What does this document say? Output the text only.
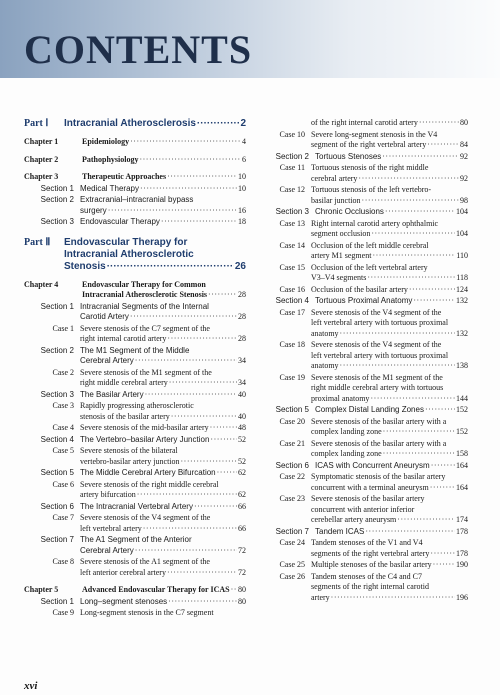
CONTENTS
Part Ⅰ	Intracranial Atherosclerosis ·····	2
Chapter 1	Epidemiology ·····	4
Chapter 2	Pathophysiology ·····	6
Chapter 3	Therapeutic Approaches ·····	10
Section 1 Medical Therapy ·····	10
Section 2 Extracranial–intracranial bypass
surgery ·····	16
Section 3 Endovascular Therapy ·····	18
Part Ⅱ	Endovascular Therapy for
Intracranial Atherosclerotic
Stenosis ·····	26
Chapter 4	Endovascular Therapy for Common
Intracranial Atherosclerotic Stenosis ·····	28
Section 1 Intracranial Segments of the Internal
Carotid Artery ·····	28
Case 1 Severe stenosis of the C7 segment of the
right internal carotid artery ·····	28
Section 2 The M1 Segment of the Middle
Cerebral Artery ·····	34
Case 2 Severe stenosis of the M1 segment of the
right middle cerebral artery ·····	34
Section 3 The Basilar Artery ·····	40
Case 3 Rapidly progressing atherosclerotic
stenosis of the basilar artery ·····	40
Case 4 Severe stenosis of the mid-basilar artery ·····	48
Section 4 The Vertebro–basilar Artery Junction ·····	52
Case 5 Severe stenosis of the bilateral
vertebro-basilar artery junction ·····	52
Section 5 The Middle Cerebral Artery Bifurcation ·····	62
Case 6 Severe stenosis of the right middle cerebral
artery bifurcation ·····	62
Section 6 The Intracranial Vertebral Artery ·····	66
Case 7 Severe stenosis of the V4 segment of the
left vertebral artery ·····	66
Section 7 The A1 Segment of the Anterior
Cerebral Artery ·····	72
Case 8 Severe stenosis of the A1 segment of the
left anterior cerebral artery ·····	72
Chapter 5	Advanced Endovascular Therapy for ICAS ····· 80
Section 1 Long–segment stenoses ·····	80
Case 9 Long-segment stenosis in the C7 segment
of the right internal carotid artery ·····	80
Case 10 Severe long-segment stenosis in the V4
segment of the right vertebral artery ·····	84
Section 2 Tortuous Stenoses ·····	92
Case 11 Tortuous stenosis of the right middle
cerebral artery ·····	92
Case 12 Tortuous stenosis of the left vertebro-
basilar junction ·····	98
Section 3 Chronic Occlusions ·····	104
Case 13 Right internal carotid artery ophthalmic
segment occlusion ·····	104
Case 14 Occlusion of the left middle cerebral
artery M1 segment ·····	110
Case 15 Occlusion of the left vertebral artery
V3–V4 segments ·····	118
Case 16 Occlusion of the basilar artery ·····	124
Section 4 Tortuous Proximal Anatomy ·····	132
Case 17 Severe stenosis of the V4 segment of the
left vertebral artery with tortuous proximal
anatomy ·····	132
Case 18 Severe stenosis of the V4 segment of the
left vertebral artery with tortuous proximal
anatomy ·····	138
Case 19 Severe stenosis of the M1 segment of the
right middle cerebral artery with tortuous
proximal anatomy ·····	144
Section 5 Complex Distal Landing Zones ·····	152
Case 20 Severe stenosis of the basilar artery with a
complex landing zone ·····	152
Case 21 Severe stenosis of the basilar artery with a
complex landing zone ·····	158
Section 6 ICAS with Concurrent Aneurysm ·····	164
Case 22 Symptomatic stenosis of the basilar artery
concurrent with a terminal aneurysm ·····	164
Case 23 Severe stenosis of the basilar artery
concurrent with anterior inferior
cerebellar artery aneurysm ·····	174
Section 7 Tandem ICAS ·····	178
Case 24 Tandem stenoses of the V1 and V4
segments of the right vertebral artery ·····	178
Case 25 Multiple stenoses of the basilar artery ·····	190
Case 26 Tandem stenoses of the C4 and C7
segments of the right internal carotid
artery ·····	196
xvi
